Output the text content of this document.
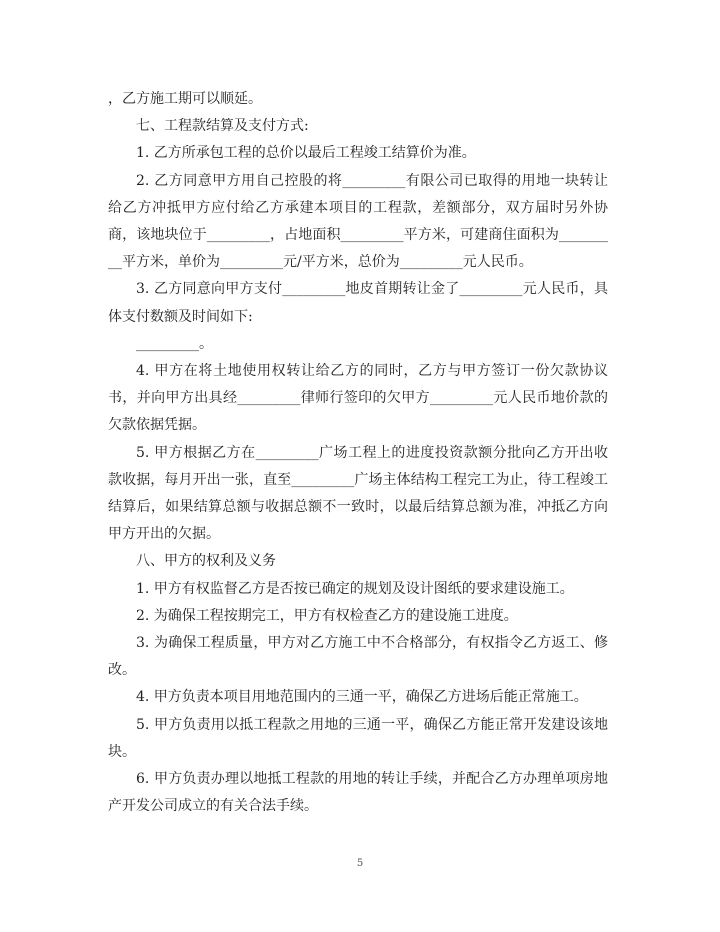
，乙方施工期可以顺延。

七、工程款结算及支付方式:

1. 乙方所承包工程的总价以最后工程竣工结算价为准。

2. 乙方同意甲方用自己控股的将_________有限公司已取得的用地一块转让给乙方冲抵甲方应付给乙方承建本项目的工程款，差额部分，双方届时另外协商，该地块位于_________，占地面积_________平方米，可建商住面积为_________平方米，单价为_________元/平方米，总价为_________元人民币。

3. 乙方同意向甲方支付_________地皮首期转让金了_________元人民币，具体支付数额及时间如下:

_________。

4. 甲方在将土地使用权转让给乙方的同时，乙方与甲方签订一份欠款协议书，并向甲方出具经_________律师行签印的欠甲方_________元人民币地价款的欠款依据凭据。

5. 甲方根据乙方在_________广场工程上的进度投资款额分批向乙方开出收款收据，每月开出一张，直至_________广场主体结构工程完工为止，待工程竣工结算后，如果结算总额与收据总额不一致时，以最后结算总额为准，冲抵乙方向甲方开出的欠据。

八、甲方的权利及义务

1. 甲方有权监督乙方是否按已确定的规划及设计图纸的要求建设施工。

2. 为确保工程按期完工，甲方有权检查乙方的建设施工进度。

3. 为确保工程质量，甲方对乙方施工中不合格部分，有权指令乙方返工、修改。

4. 甲方负责本项目用地范围内的三通一平，确保乙方进场后能正常施工。

5. 甲方负责用以抵工程款之用地的三通一平，确保乙方能正常开发建设该地块。

6. 甲方负责办理以地抵工程款的用地的转让手续，并配合乙方办理单项房地产开发公司成立的有关合法手续。

5
